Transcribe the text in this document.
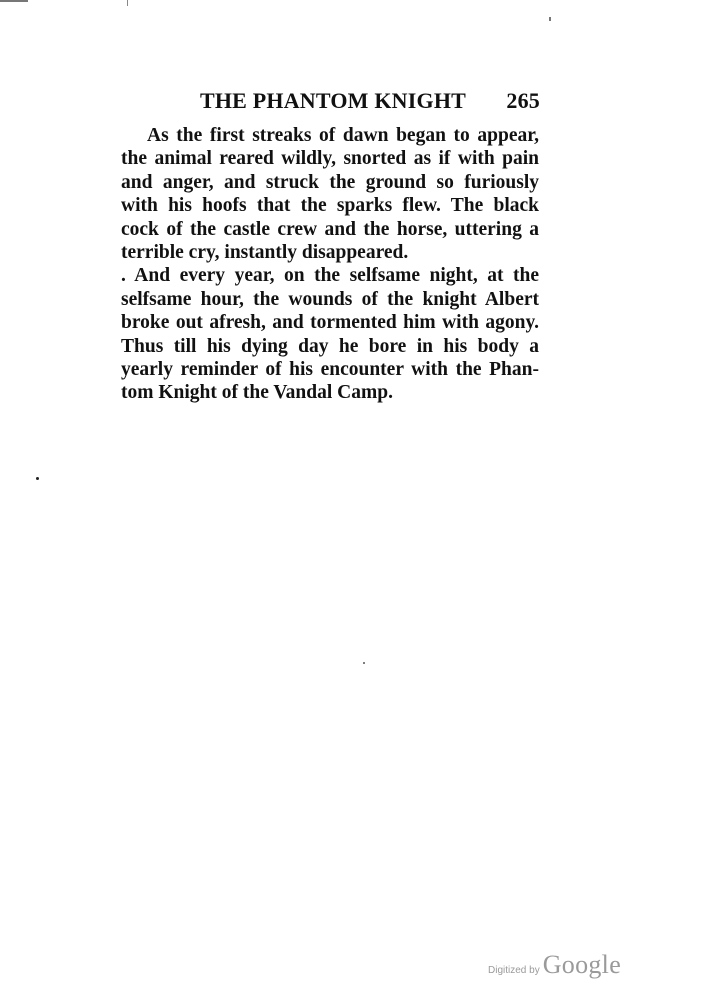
THE PHANTOM KNIGHT 265
As the first streaks of dawn began to appear,
the animal reared wildly, snorted as if with pain
and anger, and struck the ground so furiously
with his hoofs that the sparks flew. The black
cock of the castle crew and the horse, uttering a
terrible cry, instantly disappeared.
. And every year, on the selfsame night, at the
selfsame hour, the wounds of the knight Albert
broke out afresh, and tormented him with agony.
Thus till his dying day he bore in his body a
yearly reminder of his encounter with the Phan-
tom Knight of the Vandal Camp.
Digitized by Google
